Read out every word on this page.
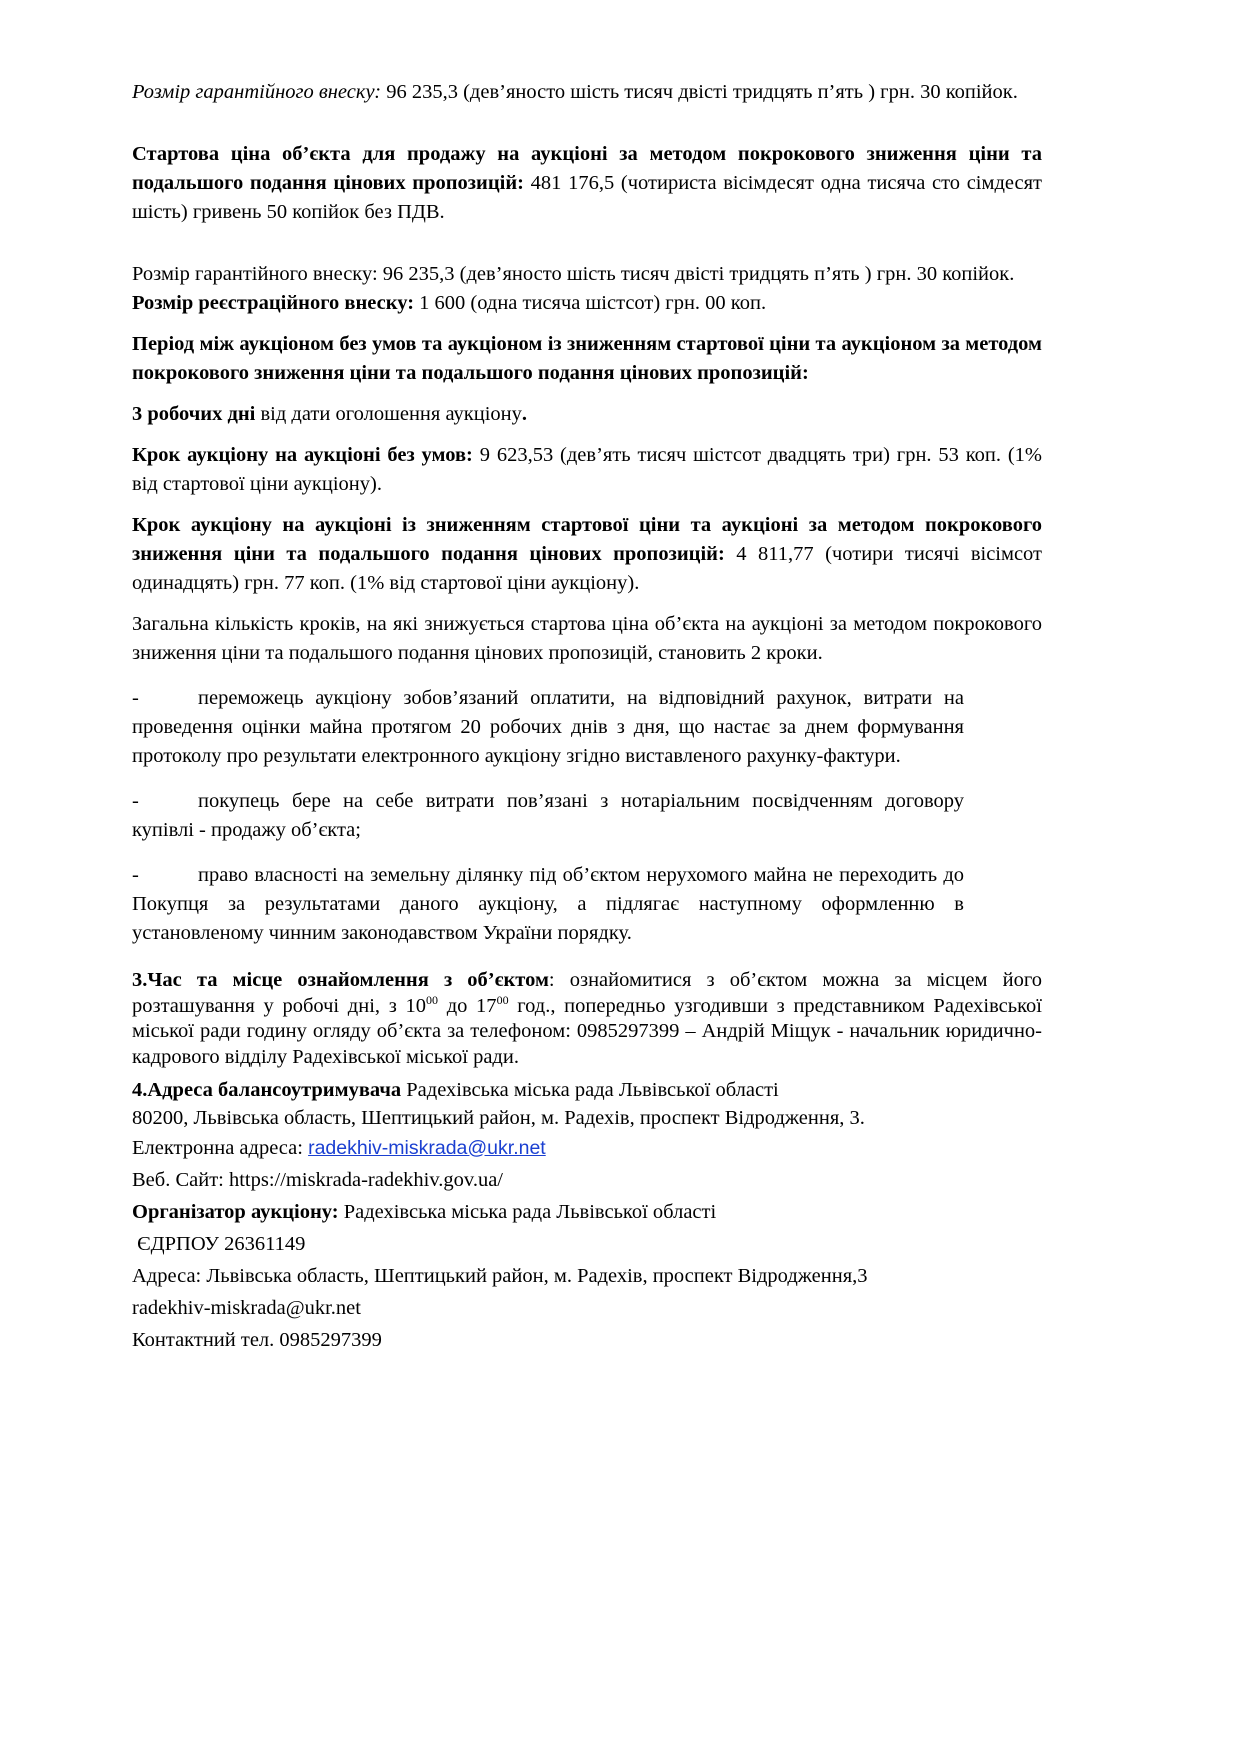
Розмір гарантійного внеску: 96 235,3 (дев’яносто шість тисяч двісті тридцять п’ять ) грн. 30 копійок.

Стартова ціна об’єкта для продажу на аукціоні за методом покрокового зниження ціни та подальшого подання цінових пропозицій: 481 176,5 (чотириста вісімдесят одна тисяча сто сімдесят шість) гривень 50 копійок без ПДВ.

Розмір гарантійного внеску: 96 235,3 (дев’яносто шість тисяч двісті тридцять п’ять ) грн. 30 копійок.

Розмір реєстраційного внеску: 1 600 (одна тисяча шістсот) грн. 00 коп.

Період між аукціоном без умов та аукціоном із зниженням стартової ціни та аукціоном за методом покрокового зниження ціни та подальшого подання цінових пропозицій:

3 робочих дні від дати оголошення аукціону.

Крок аукціону на аукціоні без умов: 9 623,53 (дев’ять тисяч шістсот двадцять три) грн. 53 коп. (1% від стартової ціни аукціону).

Крок аукціону на аукціоні із зниженням стартової ціни та аукціоні за методом покрокового зниження ціни та подальшого подання цінових пропозицій: 4 811,77 (чотири тисячі вісімсот одинадцять) грн. 77 коп. (1% від стартової ціни аукціону).

Загальна кількість кроків, на які знижується стартова ціна об’єкта на аукціоні за методом покрокового зниження ціни та подальшого подання цінових пропозицій, становить 2 кроки.

-	переможець аукціону зобов’язаний оплатити, на відповідний рахунок, витрати на проведення оцінки майна протягом 20 робочих днів з дня, що настає за днем формування протоколу про результати електронного аукціону згідно виставленого рахунку-фактури.

-	покупець бере на себе витрати пов’язані з нотаріальним посвідченням договору купівлі - продажу об’єкта;

-	право власності на земельну ділянку під об’єктом нерухомого майна не переходить до Покупця за результатами даного аукціону, а підлягає наступному оформленню в установленому чинним законодавством України порядку.

3.Час та місце ознайомлення з об’єктом: ознайомитися з об’єктом можна за місцем його розташування у робочі дні, з $10^{00}$ до $17^{00}$ год., попередньо узгодивши з представником Радехівської міської ради годину огляду об’єкта за телефоном: 0985297399 – Андрій Міщук - начальник юридично-кадрового відділу Радехівської міської ради.

4.Адреса балансоутримувача Радехівська міська рада Львівської області

80200, Львівська область, Шептицький район, м. Радехів, проспект Відродження, 3.

Електронна адреса: radekhiv-miskrada@ukr.net

Веб. Сайт: https://miskrada-radekhiv.gov.ua/

Організатор аукціону: Радехівська міська рада Львівської області

ЄДРПОУ 26361149

Адреса: Львівська область, Шептицький район, м. Радехів, проспект Відродження,3

radekhiv-miskrada@ukr.net

Контактний тел. 0985297399
